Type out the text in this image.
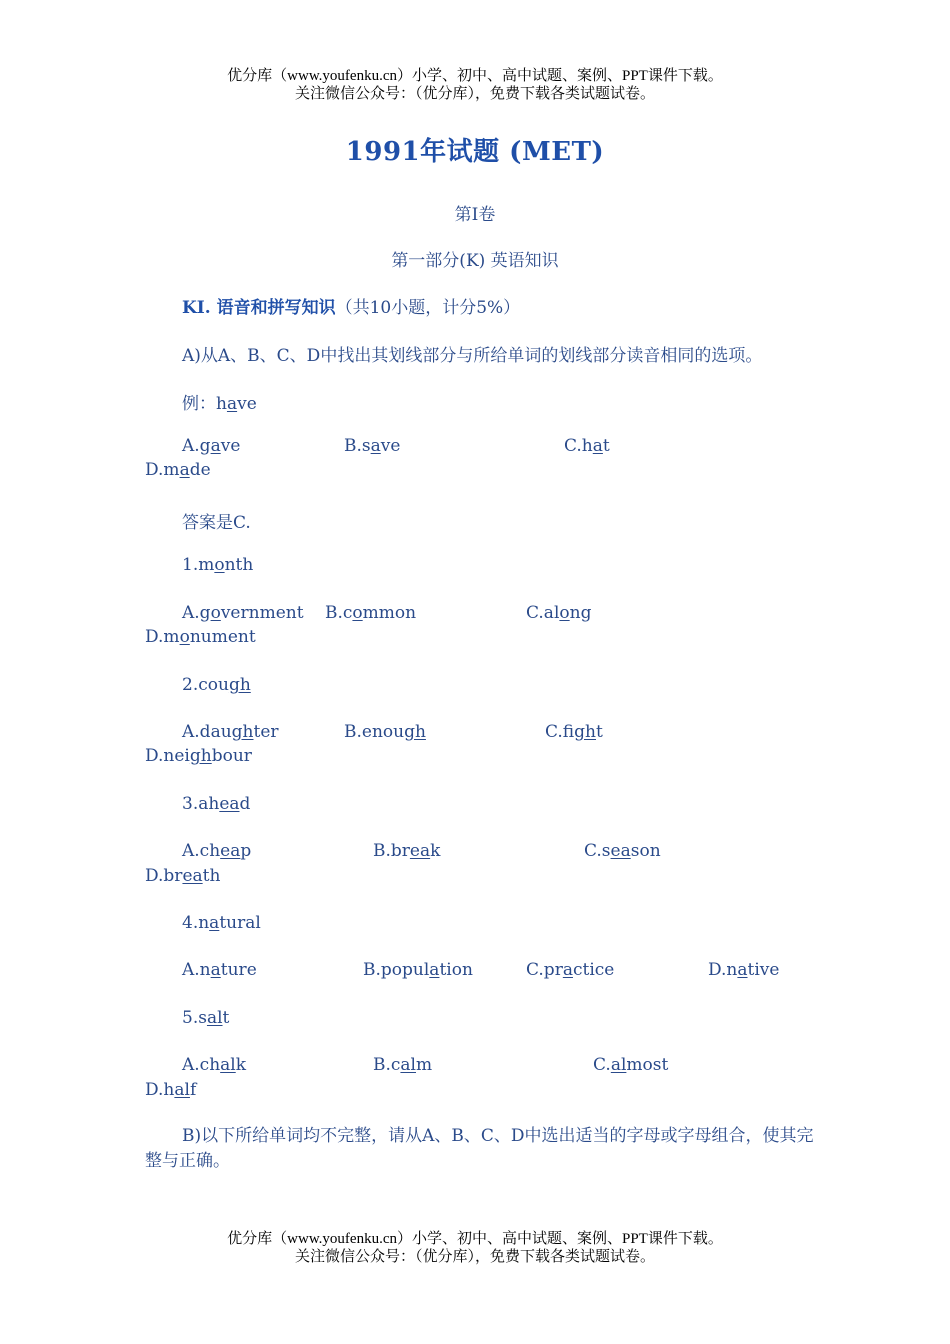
优分库（www.youfenku.cn）小学、初中、高中试题、案例、PPT课件下载。
关注微信公众号：（优分库），免费下载各类试题试卷。
1991年试题 (MET)
第Ⅰ卷
第一部分(K) 英语知识
KⅠ. 语音和拼写知识（共10小题，计分5%）
A)从A、B、C、D中找出其划线部分与所给单词的划线部分读音相同的选项。
例：have
A.gave	B.save	C.hat
D.made
答案是C.
1.month
A.government B.common	C.along
D.monument
2.cough
A.daughter	B.enough	C.fight
D.neighbour
3.ahead
A.cheap	B.break	C.season
D.breath
4.natural
A.nature	B.population	C.practice	D.native
5.salt
A.chalk	B.calm	C.almost
D.half
B)以下所给单词均不完整，请从A、B、C、D中选出适当的字母或字母组合，使其完整与正确。
优分库（www.youfenku.cn）小学、初中、高中试题、案例、PPT课件下载。
关注微信公众号：（优分库），免费下载各类试题试卷。
